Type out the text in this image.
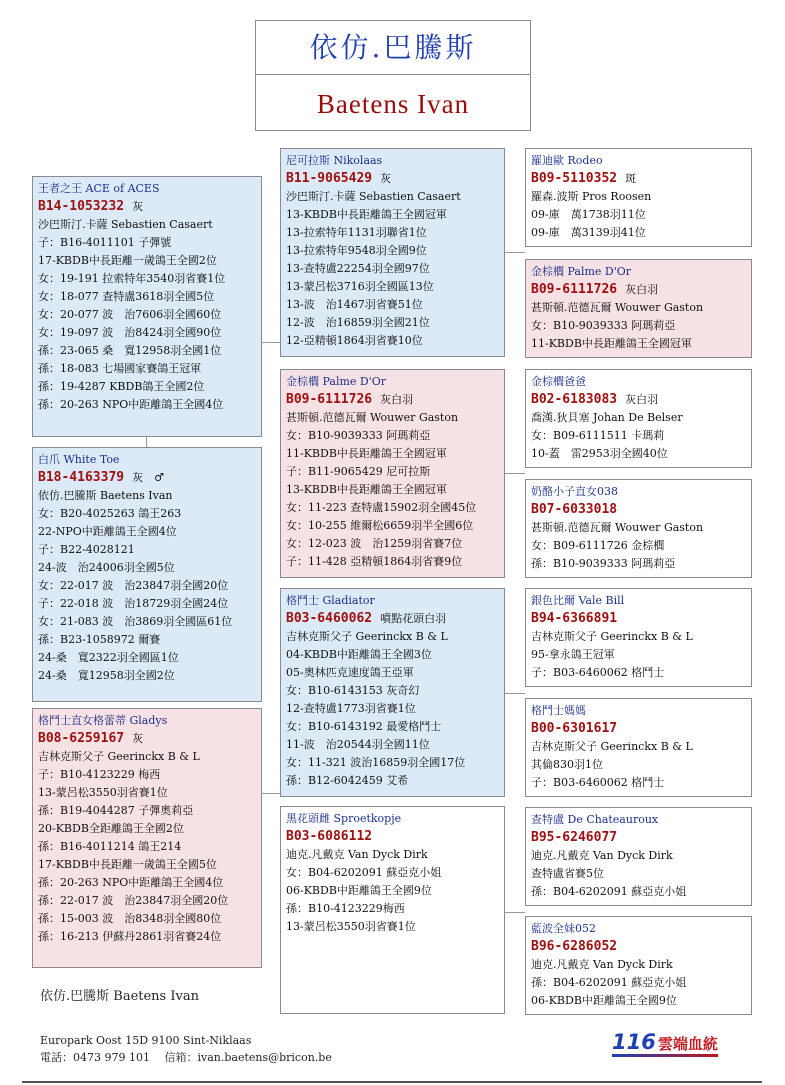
依仿.巴騰斯
Baetens Ivan
王者之王 ACE of ACES
B14-1053232 灰
沙巴斯汀.卡薩 Sebastien Casaert
子：B16-4011101 子彈號
17-KBDB中長距離一歲鴿王全國2位
女：19-191 拉索特年3540羽省賽1位
女：18-077 查特盧3618羽全國5位
女：20-077 波　治7606羽全國60位
女：19-097 波　治8424羽全國90位
孫：23-065 桑　寬12958羽全國1位
孫：18-083 七場國家賽鴿王冠軍
孫：19-4287 KBDB鴿王全國2位
孫：20-263 NPO中距離鴿王全國4位
白爪 White Toe
B18-4163379 灰　♂
依仿.巴騰斯 Baetens Ivan
女：B20-4025263 鴿王263
22-NPO中距離鴿王全國4位
子：B22-4028121
24-波　治24006羽全國5位
女：22-017 波　治23847羽全國20位
子：22-018 波　治18729羽全國24位
女：21-083 波　治3869羽全國區61位
孫：B23-1058972 爾賽
24-桑　寬2322羽全國區1位
24-桑　寬12958羽全國2位
格鬥士直女格蕾蒂 Gladys
B08-6259167 灰
吉林克斯父子 Geerinckx B & L
子：B10-4123229 梅西
13-蒙呂松3550羽省賽1位
孫：B19-4044287 子彈奧莉亞
20-KBDB全距離鴿王全國2位
孫：B16-4011214 鴿王214
17-KBDB中長距離一歲鴿王全國5位
孫：20-263 NPO中距離鴿王全國4位
孫：22-017 波　治23847羽全國20位
孫：15-003 波　治8348羽全國80位
孫：16-213 伊蘇丹2861羽省賽24位
尼可拉斯 Nikolaas
B11-9065429 灰
沙巴斯汀.卡薩 Sebastien Casaert
13-KBDB中長距離鴿王全國冠軍
13-拉索特年1131羽聯省1位
13-拉索特年9548羽全國9位
13-查特盧22254羽全國97位
13-蒙呂松3716羽全國區13位
13-波　治1467羽省賽51位
12-波　治16859羽全國21位
12-亞精頓1864羽省賽10位
金棕櫚 Palme D'Or
B09-6111726 灰白羽
甚斯頓.范德瓦爾 Wouwer Gaston
女：B10-9039333 阿瑪莉亞
11-KBDB中長距離鴿王全國冠軍
子：B11-9065429 尼可拉斯
13-KBDB中長距離鴿王全國冠軍
女：11-223 查特盧15902羽全國45位
女：10-255 維爾松6659羽半全國6位
女：12-023 波　治1259羽省賽7位
子：11-428 亞精頓1864羽省賽9位
格鬥士 Gladiator
B03-6460062 噴點花頭白羽
吉林克斯父子 Geerinckx B & L
04-KBDB中距離鴿王全國3位
05-奧林匹克速度鴿王亞軍
女：B10-6143153 灰奇幻
12-查特盧1773羽省賽1位
女：B10-6143192 最愛格鬥士
11-波　治20544羽全國11位
女：11-321 波治16859羽全國17位
孫：B12-6042459 艾希
黑花頭雌 Sproetkopje
B03-6086112
迪克.凡戴克 Van Dyck Dirk
女：B04-6202091 蘇亞克小姐
06-KBDB中距離鴿王全國9位
孫：B10-4123229梅西
13-蒙呂松3550羽省賽1位
羅迪歐 Rodeo
B09-5110352 斑
羅森.波斯 Pros Roosen
09-庫　萬1738羽11位
09-庫　萬3139羽41位
金棕櫚 Palme D'Or
B09-6111726 灰白羽
甚斯頓.范德瓦爾 Wouwer Gaston
女：B10-9039333 阿瑪莉亞
11-KBDB中長距離鴿王全國冠軍
金棕櫚爸爸
B02-6183083 灰白羽
喬漢.狄貝塞 Johan De Belser
女：B09-6111511 卡瑪莉
10-蓋　雷2953羽全國40位
奶酪小子直女038
B07-6033018
甚斯頓.范德瓦爾 Wouwer Gaston
女：B09-6111726 金棕櫚
孫：B10-9039333 阿瑪莉亞
銀色比爾 Vale Bill
B94-6366891
吉林克斯父子 Geerinckx B & L
95-拿永鴿王冠軍
子：B03-6460062 格鬥士
格鬥士媽媽
B00-6301617
吉林克斯父子 Geerinckx B & L
其倫830羽1位
子：B03-6460062 格鬥士
查特盧 De Chateauroux
B95-6246077
迪克.凡戴克 Van Dyck Dirk
查特盧省賽5位
孫：B04-6202091 蘇亞克小姐
藍波全妹052
B96-6286052
迪克.凡戴克 Van Dyck Dirk
孫：B04-6202091 蘇亞克小姐
06-KBDB中距離鴿王全國9位
依仿.巴騰斯 Baetens Ivan
Europark Oost 15D 9100 Sint-Niklaas
電話：0473 979 101　 信箱：ivan.baetens@bricon.be
116 雲端血統
